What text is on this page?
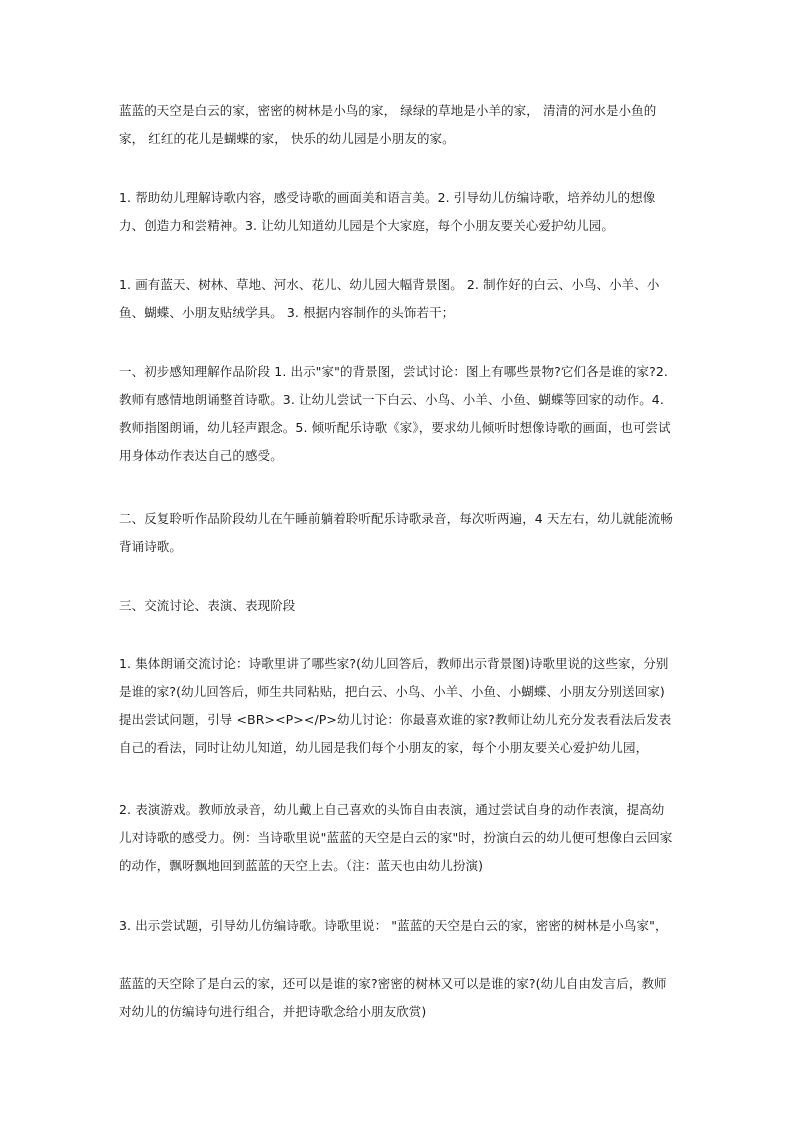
蓝蓝的天空是白云的家，密密的树林是小鸟的家， 绿绿的草地是小羊的家， 清清的河水是小鱼的家， 红红的花儿是蝴蝶的家， 快乐的幼儿园是小朋友的家。
1. 帮助幼儿理解诗歌内容，感受诗歌的画面美和语言美。2. 引导幼儿仿编诗歌，培养幼儿的想像力、创造力和尝精神。3. 让幼儿知道幼儿园是个大家庭，每个小朋友要关心爱护幼儿园。
1. 画有蓝天、树林、草地、河水、花儿、幼儿园大幅背景图。 2. 制作好的白云、小鸟、小羊、小鱼、蝴蝶、小朋友贴绒学具。 3. 根据内容制作的头饰若干；
一、初步感知理解作品阶段 1. 出示"家"的背景图，尝试讨论：图上有哪些景物?它们各是谁的家?2. 教师有感情地朗诵整首诗歌。3. 让幼儿尝试一下白云、小鸟、小羊、小鱼、蝴蝶等回家的动作。4. 教师指图朗诵，幼儿轻声跟念。5. 倾听配乐诗歌《家》，要求幼儿倾听时想像诗歌的画面，也可尝试用身体动作表达自己的感受。
二、反复聆听作品阶段幼儿在午睡前躺着聆听配乐诗歌录音，每次听两遍，4 天左右，幼儿就能流畅背诵诗歌。
三、交流讨论、表演、表现阶段
1. 集体朗诵交流讨论：诗歌里讲了哪些家?(幼儿回答后，教师出示背景图)诗歌里说的这些家，分别是谁的家?(幼儿回答后，师生共同粘贴，把白云、小鸟、小羊、小鱼、小蝴蝶、小朋友分别送回家)提出尝试问题，引导 <BR><P></P>幼儿讨论：你最喜欢谁的家?教师让幼儿充分发表看法后发表自己的看法，同时让幼儿知道，幼儿园是我们每个小朋友的家，每个小朋友要关心爱护幼儿园，
2. 表演游戏。教师放录音，幼儿戴上自己喜欢的头饰自由表演，通过尝试自身的动作表演，提高幼儿对诗歌的感受力。例：当诗歌里说"蓝蓝的天空是白云的家"时，扮演白云的幼儿便可想像白云回家的动作，飘呀飘地回到蓝蓝的天空上去。（注：蓝天也由幼儿扮演)
3. 出示尝试题，引导幼儿仿编诗歌。诗歌里说： "蓝蓝的天空是白云的家，密密的树林是小鸟家"，
蓝蓝的天空除了是白云的家，还可以是谁的家?密密的树林又可以是谁的家?(幼儿自由发言后，教师对幼儿的仿编诗句进行组合，并把诗歌念给小朋友欣赏)
